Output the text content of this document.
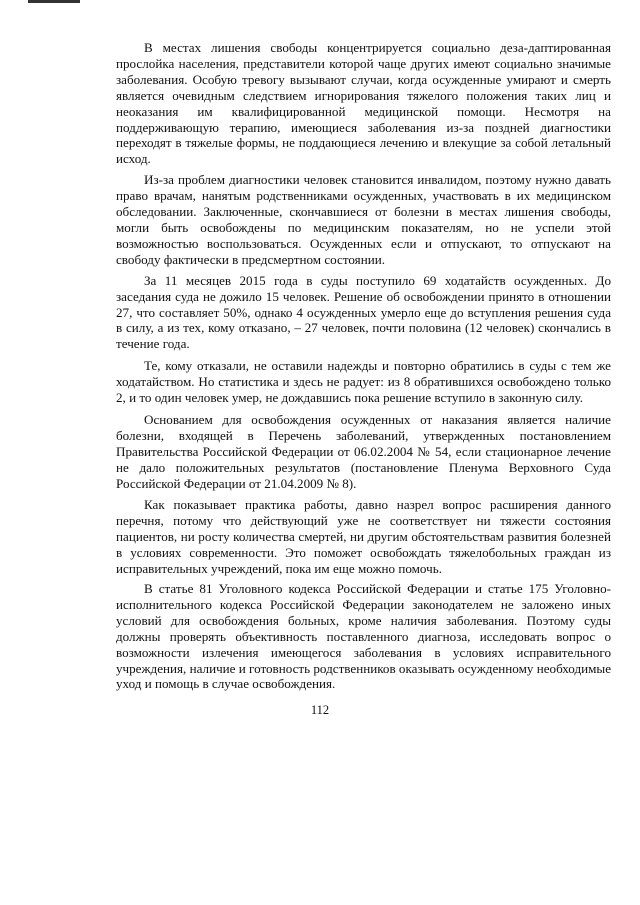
В местах лишения свободы концентрируется социально деза-дaптированная прослойка населения, представители которой чаще других имеют социально значимые заболевания. Особую тревогу вызывают случаи, когда осужденные умирают и смерть является очевидным следствием игнорирования тяжелого положения таких лиц и неоказания им квалифицированной медицинской помощи. Несмотря на поддерживающую терапию, имеющиеся заболевания из-за поздней диагностики переходят в тяжелые формы, не поддающиеся лечению и влекущие за собой летальный исход.

Из-за проблем диагностики человек становится инвалидом, поэтому нужно давать право врачам, нанятым родственниками осужденных, участвовать в их медицинском обследовании. Заключенные, скончавшиеся от болезни в местах лишения свободы, могли быть освобождены по медицинским показателям, но не успели этой возможностью воспользоваться. Осужденных если и отпускают, то отпускают на свободу фактически в предсмертном состоянии.

За 11 месяцев 2015 года в суды поступило 69 ходатайств осужденных. До заседания суда не дожило 15 человек. Решение об освобождении принято в отношении 27, что составляет 50%, однако 4 осужденных умерло еще до вступления решения суда в силу, а из тех, кому отказано, – 27 человек, почти половина (12 человек) скончались в течение года.

Те, кому отказали, не оставили надежды и повторно обратились в суды с тем же ходатайством. Но статистика и здесь не радует: из 8 обратившихся освобождено только 2, и то один человек умер, не дождавшись пока решение вступило в законную силу.

Основанием для освобождения осужденных от наказания является наличие болезни, входящей в Перечень заболеваний, утвержденных постановлением Правительства Российской Федерации от 06.02.2004 № 54, если стационарное лечение не дало положительных результатов (постановление Пленума Верховного Суда Российской Федерации от 21.04.2009 № 8).

Как показывает практика работы, давно назрел вопрос расширения данного перечня, потому что действующий уже не соответствует ни тяжести состояния пациентов, ни росту количества смертей, ни другим обстоятельствам развития болезней в условиях современности. Это поможет освобождать тяжелобольных граждан из исправительных учреждений, пока им еще можно помочь.

В статье 81 Уголовного кодекса Российской Федерации и статье 175 Уголовно-исполнительного кодекса Российской Федерации законодателем не заложено иных условий для освобождения больных, кроме наличия заболевания. Поэтому суды должны проверять объективность поставленного диагноза, исследовать вопрос о возможности излечения имеющегося заболевания в условиях исправительного учреждения, наличие и готовность родственников оказывать осужденному необходимые уход и помощь в случае освобождения.

112
